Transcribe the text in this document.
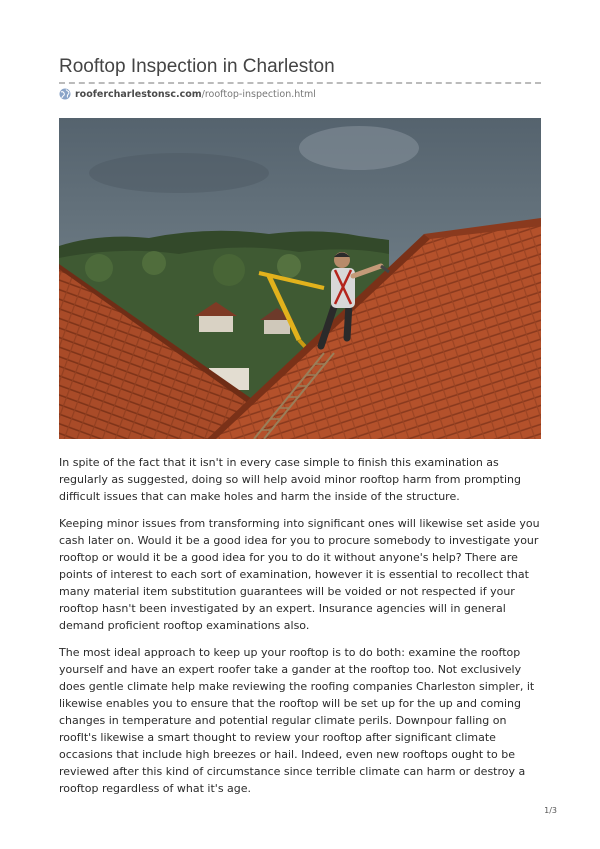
Rooftop Inspection in Charleston
roofercharlestonsc.com /rooftop-inspection.html

In spite of the fact that it isn't in every case simple to finish this examination as regularly as suggested, doing so will help avoid minor rooftop harm from prompting difficult issues that can make holes and harm the inside of the structure.

Keeping minor issues from transforming into significant ones will likewise set aside you cash later on. Would it be a good idea for you to procure somebody to investigate your rooftop or would it be a good idea for you to do it without anyone's help? There are points of interest to each sort of examination, however it is essential to recollect that many material item substitution guarantees will be voided or not respected if your rooftop hasn't been investigated by an expert. Insurance agencies will in general demand proficient rooftop examinations also.

The most ideal approach to keep up your rooftop is to do both: examine the rooftop yourself and have an expert roofer take a gander at the rooftop too. Not exclusively does gentle climate help make reviewing the roofing companies Charleston simpler, it likewise enables you to ensure that the rooftop will be set up for the up and coming changes in temperature and potential regular climate perils. Downpour falling on roofIt's likewise a smart thought to review your rooftop after significant climate occasions that include high breezes or hail. Indeed, even new rooftops ought to be reviewed after this kind of circumstance since terrible climate can harm or destroy a rooftop regardless of what it's age.

1/3
